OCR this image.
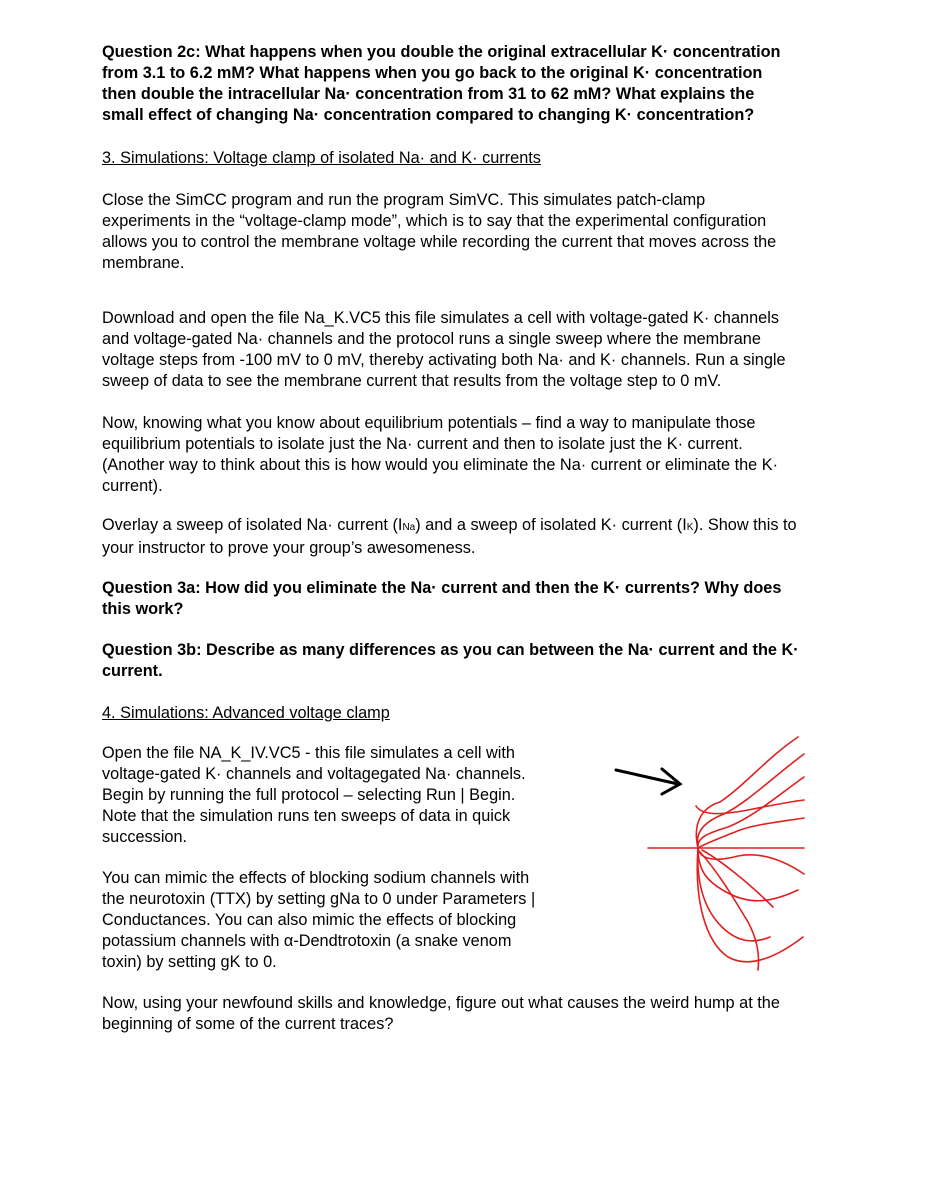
Question 2c: What happens when you double the original extracellular K· concentration

from 3.1 to 6.2 mM? What happens when you go back to the original K· concentration

then double the intracellular Na· concentration from 31 to 62 mM? What explains the

small effect of changing Na· concentration compared to changing K· concentration?

3. Simulations: Voltage clamp of isolated Na· and K· currents

Close the SimCC program and run the program SimVC. This simulates patch-clamp

experiments in the “voltage-clamp mode”, which is to say that the experimental configuration

allows you to control the membrane voltage while recording the current that moves across the

membrane.

Download and open the file Na_K.VC5 this file simulates a cell with voltage-gated K· channels

and voltage-gated Na· channels and the protocol runs a single sweep where the membrane

voltage steps from -100 mV to 0 mV, thereby activating both Na· and K· channels. Run a single

sweep of data to see the membrane current that results from the voltage step to 0 mV.

Now, knowing what you know about equilibrium potentials – find a way to manipulate those

equilibrium potentials to isolate just the Na· current and then to isolate just the K· current.

(Another way to think about this is how would you eliminate the Na· current or eliminate the K·

current).

Overlay a sweep of isolated Na· current (INa) and a sweep of isolated K· current (IK). Show this to

your instructor to prove your group’s awesomeness.

Question 3a: How did you eliminate the Na· current and then the K· currents? Why does

this work?

Question 3b: Describe as many differences as you can between the Na· current and the K·

current.

4. Simulations: Advanced voltage clamp

Open the file NA_K_IV.VC5 - this file simulates a cell with

voltage-gated K· channels and voltagegated Na· channels.

Begin by running the full protocol – selecting Run | Begin.

Note that the simulation runs ten sweeps of data in quick

succession.

You can mimic the effects of blocking sodium channels with

the neurotoxin (TTX) by setting gNa to 0 under Parameters |

Conductances. You can also mimic the effects of blocking

potassium channels with α-Dendtrotoxin (a snake venom

toxin) by setting gK to 0.

Now, using your newfound skills and knowledge, figure out what causes the weird hump at the

beginning of some of the current traces?
